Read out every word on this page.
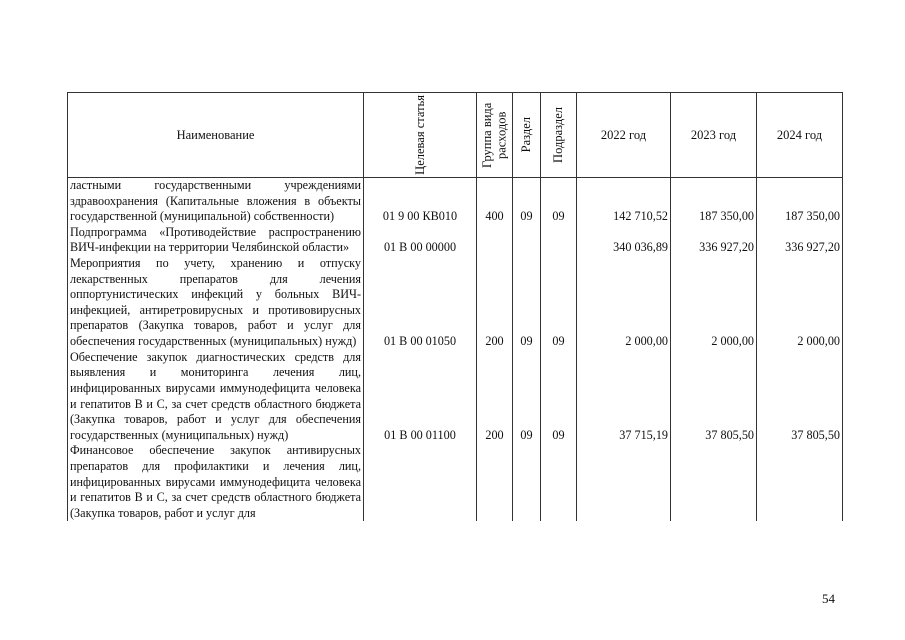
Наименование	Целевая статья	Группа вида расходов	Раздел	Подраздел	2022 год	2023 год	2024 год
ластными государственными учреждениями здравоохранения (Капитальные вложения в объекты государственной (муниципальной) собственности)	01 9 00 КВ010	400	09	09	142 710,52	187 350,00	187 350,00
Подпрограмма «Противодействие распространению ВИЧ-инфекции на территории Челябинской области»	01 В 00 00000				340 036,89	336 927,20	336 927,20
Мероприятия по учету, хранению и отпуску лекарственных препаратов для лечения оппортунистических инфекций у больных ВИЧ-инфекцией, антиретровирусных и противовирусных препаратов (Закупка товаров, работ и услуг для обеспечения государственных (муниципальных) нужд)	01 В 00 01050	200	09	09	2 000,00	2 000,00	2 000,00
Обеспечение закупок диагностических средств для выявления и мониторинга лечения лиц, инфицированных вирусами иммунодефицита человека и гепатитов В и С, за счет средств областного бюджета (Закупка товаров, работ и услуг для обеспечения государственных (муниципальных) нужд)	01 В 00 01100	200	09	09	37 715,19	37 805,50	37 805,50
Финансовое обеспечение закупок антивирусных препаратов для профилактики и лечения лиц, инфицированных вирусами иммунодефицита человека и гепатитов В и С, за счет средств областного бюджета (Закупка товаров, работ и услуг для							
54
